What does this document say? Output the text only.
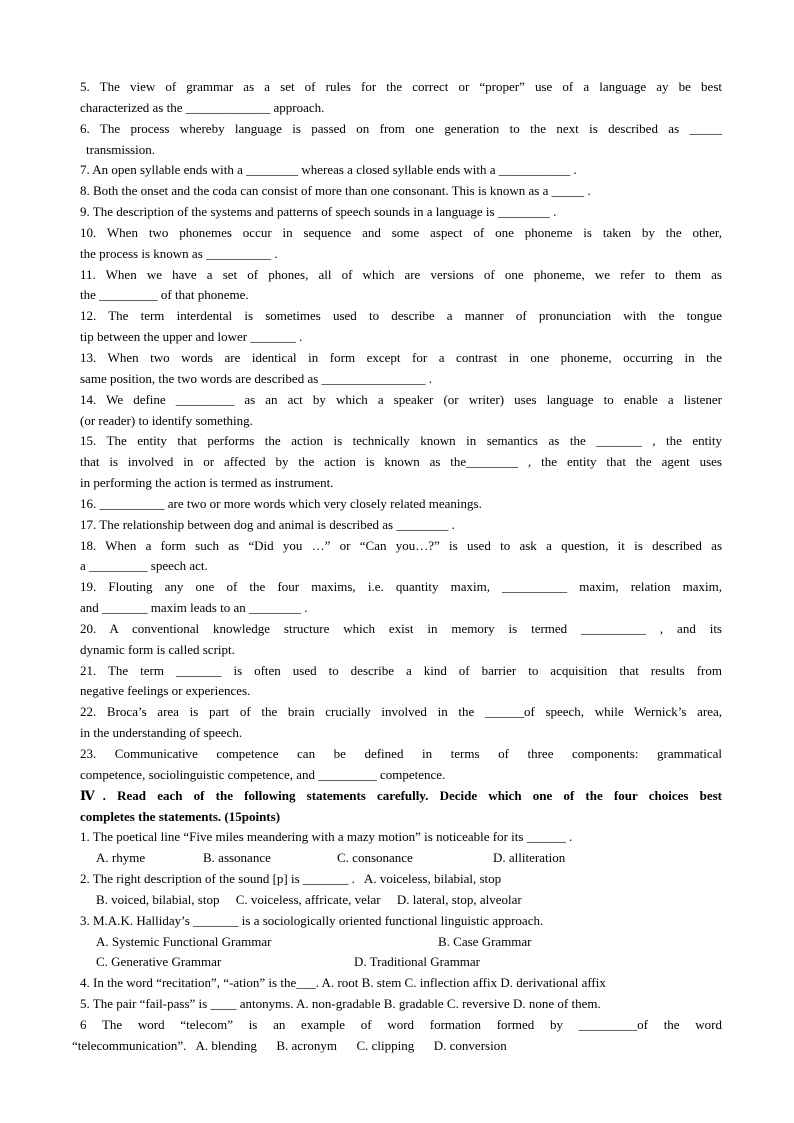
5. The view of grammar as a set of rules for the correct or “proper” use of a language ay be best
characterized as the _____________ approach.
6. The process whereby language is passed on from one generation to the next is described as _____
transmission.
7. An open syllable ends with a ________ whereas a closed syllable ends with a ___________ .
8. Both the onset and the coda can consist of more than one consonant. This is known as a _____ .
9. The description of the systems and patterns of speech sounds in a language is ________ .
10. When two phonemes occur in sequence and some aspect of one phoneme is taken by the other,
the process is known as __________ .
11. When we have a set of phones, all of which are versions of one phoneme, we refer to them as
the _________ of that phoneme.
12. The term interdental is sometimes used to describe a manner of pronunciation with the tongue
tip between the upper and lower _______ .
13. When two words are identical in form except for a contrast in one phoneme, occurring in the
same position, the two words are described as ________________ .
14. We define _________ as an act by which a speaker (or writer) uses language to enable a listener
(or reader) to identify something.
15. The entity that performs the action is technically known in semantics as the _______ , the entity
that is involved in or affected by the action is known as the________ , the entity that the agent uses
in performing the action is termed as instrument.
16. __________ are two or more words which very closely related meanings.
17. The relationship between dog and animal is described as ________ .
18. When a form such as “Did you …” or “Can you…?” is used to ask a question, it is described as
a _________ speech act.
19. Flouting any one of the four maxims, i.e. quantity maxim, __________ maxim, relation maxim,
and _______ maxim leads to an ________ .
20. A conventional knowledge structure which exist in memory is termed __________ , and its
dynamic form is called script.
21. The term _______ is often used to describe a kind of barrier to acquisition that results from
negative feelings or experiences.
22. Broca’s area is part of the brain crucially involved in the ______of speech, while Wernick’s area,
in the understanding of speech.
23. Communicative competence can be defined in terms of three components: grammatical
competence, sociolinguistic competence, and _________ competence.
Ⅳ. Read each of the following statements carefully. Decide which one of the four choices best
completes the statements. (15points)
1. The poetical line “Five miles meandering with a mazy motion” is noticeable for its ______ .
A. rhyme	B. assonance	C. consonance	D. alliteration
2. The right description of the sound [p] is _______ .   A. voiceless, bilabial, stop
B. voiced, bilabial, stop     C. voiceless, affricate, velar     D. lateral, stop, alveolar
3. M.A.K. Halliday’s _______ is a sociologically oriented functional linguistic approach.
A. Systemic Functional Grammar	B. Case Grammar
C. Generative Grammar	D. Traditional Grammar
4. In the word “recitation”, “-ation” is the___. A. root B. stem C. inflection affix D. derivational affix
5. The pair “fail-pass” is ____ antonyms. A. non-gradable B. gradable C. reversive D. none of them.
6 The word “telecom” is an example of word formation formed by _________of the word
“telecommunication”.   A. blending      B. acronym      C. clipping      D. conversion
